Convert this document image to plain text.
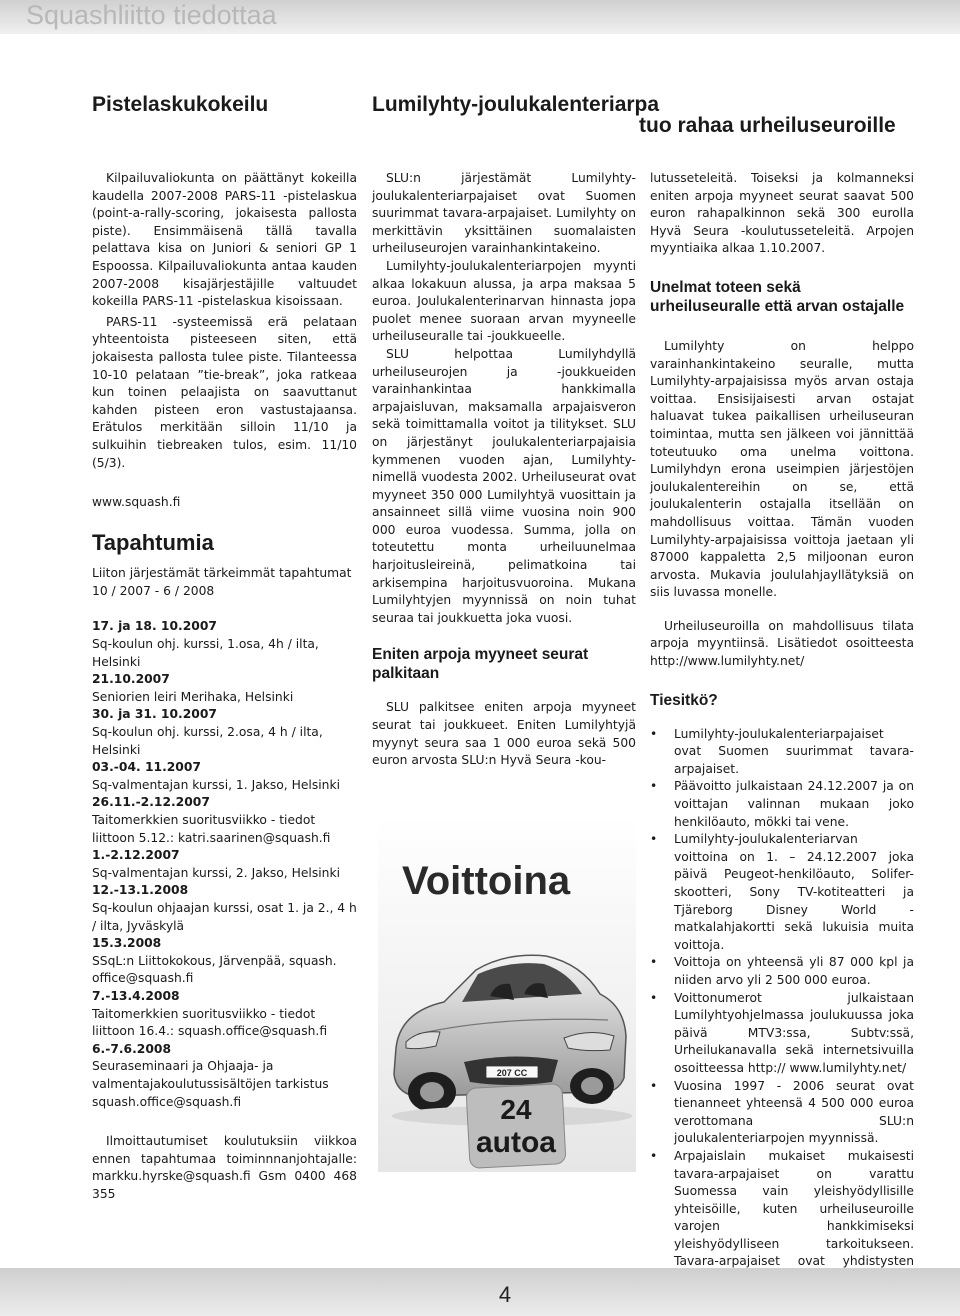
Squashliitto tiedottaa
Pistelaskukokeilu	Lumilyhty-joulukalenteriarpa
tuo rahaa urheiluseuroille

Kilpailuvaliokunta on päättänyt kokeilla kaudella 2007-2008 PARS-11 -pistelaskua (point-a-rally-scoring, jokaisesta pallosta piste). Ensimmäisenä tällä tavalla pelattava kisa on Juniori & seniori GP 1 Espoossa. Kilpailuvaliokunta antaa kauden 2007-2008 kisajärjestäjille valtuudet kokeilla PARS-11 -pistelaskua kisoissaan.

PARS-11 -systeemissä erä pelataan yhteentoista pisteeseen siten, että jokaisesta pallosta tulee piste. Tilanteessa 10-10 pelataan ”tie-break”, joka ratkeaa kun toinen pelaajista on saavuttanut kahden pisteen eron vastustajaansa. Erätulos merkitään silloin 11/10 ja sulkuihin tiebreaken tulos, esim. 11/10 (5/3).

www.squash.fi

Tapahtumia

Liiton järjestämät tärkeimmät tapahtumat 10 / 2007 - 6 / 2008

17. ja 18. 10.2007

Sq-koulun ohj. kurssi, 1.osa, 4h / ilta, Helsinki

21.10.2007

Seniorien leiri Merihaka, Helsinki

30. ja 31. 10.2007

Sq-koulun ohj. kurssi, 2.osa, 4 h / ilta, Helsinki

03.-04. 11.2007

Sq-valmentajan kurssi, 1. Jakso, Helsinki

26.11.-2.12.2007

Taitomerkkien suoritusviikko - tiedot liittoon 5.12.: katri.saarinen@squash.fi

1.-2.12.2007

Sq-valmentajan kurssi, 2. Jakso, Helsinki

12.-13.1.2008

Sq-koulun ohjaajan kurssi, osat 1. ja 2., 4 h / ilta, Jyväskylä

15.3.2008

SSqL:n Liittokokous, Järvenpää, squash. office@squash.fi

7.-13.4.2008

Taitomerkkien suoritusviikko - tiedot liittoon 16.4.: squash.office@squash.fi

6.-7.6.2008

Seuraseminaari ja Ohjaaja- ja valmentajakoulutussisältöjen tarkistus squash.office@squash.fi

Ilmoittautumiset koulutuksiin viikkoa ennen tapahtumaa toiminnnanjohtajalle: markku.hyrske@squash.fi Gsm 0400 468 355

SLU:n järjestämät Lumilyhty-joulukalenteriarpajaiset ovat Suomen suurimmat tavara-arpajaiset. Lumilyhty on merkittävin yksittäinen suomalaisten urheiluseurojen varainhankintakeino.

Lumilyhty-joulukalenteriarpojen myynti alkaa lokakuun alussa, ja arpa maksaa 5 euroa. Joulukalenterinarvan hinnasta jopa puolet menee suoraan arvan myyneelle urheiluseuralle tai -joukkueelle.

SLU helpottaa Lumilyhdyllä urheiluseurojen ja -joukkueiden varainhankintaa hankkimalla arpajaisluvan, maksamalla arpajaisveron sekä toimittamalla voitot ja tilitykset. SLU on järjestänyt joulukalenteriarpajaisia kymmenen vuoden ajan, Lumilyhty-nimellä vuodesta 2002. Urheiluseurat ovat myyneet 350 000 Lumilyhtyä vuosittain ja ansainneet sillä viime vuosina noin 900 000 euroa vuodessa. Summa, jolla on toteutettu monta urheiluunelmaa harjoitusleireinä, pelimatkoina tai arkisempina harjoitusvuoroina. Mukana Lumilyhtyjen myynnissä on noin tuhat seuraa tai joukkuetta joka vuosi.

Eniten arpoja myyneet seurat palkitaan

SLU palkitsee eniten arpoja myyneet seurat tai joukkueet. Eniten Lumilyhtyjä myynyt seura saa 1 000 euroa sekä 500 euron arvosta SLU:n Hyvä Seura -kou-

207 CC
Voittoina
24
autoa

lutusseteleitä. Toiseksi ja kolmanneksi eniten arpoja myyneet seurat saavat 500 euron rahapalkinnon sekä 300 eurolla Hyvä Seura -koulutusseteleitä. Arpojen myyntiaika alkaa 1.10.2007.

Unelmat toteen sekä urheiluseuralle että arvan ostajalle

Lumilyhty on helppo varainhankintakeino seuralle, mutta Lumilyhty-arpajaisissa myös arvan ostaja voittaa. Ensisijaisesti arvan ostajat haluavat tukea paikallisen urheiluseuran toimintaa, mutta sen jälkeen voi jännittää toteutuuko oma unelma voittona. Lumilyhdyn erona useimpien järjestöjen joulukalentereihin on se, että joulukalenterin ostajalla itsellään on mahdollisuus voittaa. Tämän vuoden Lumilyhty-arpajaisissa voittoja jaetaan yli 87000 kappaletta 2,5 miljoonan euron arvosta. Mukavia joululahjayllätyksiä on siis luvassa monelle.

Urheiluseuroilla on mahdollisuus tilata arpoja myyntiinsä. Lisätiedot osoitteesta http://www.lumilyhty.net/

Tiesitkö?

•	Lumilyhty-joulukalenteriarpajaiset ovat Suomen suurimmat tavara-arpajaiset.

•	Päävoitto julkaistaan 24.12.2007 ja on voittajan valinnan mukaan joko henkilöauto, mökki tai vene.

•	Lumilyhty-joulukalenteriarvan voittoina on 1. – 24.12.2007 joka päivä Peugeot-henkilöauto, Solifer-skootteri, Sony TV-kotiteatteri ja Tjäreborg Disney World -matkalahjakortti sekä lukuisia muita voittoja.

•	Voittoja on yhteensä yli 87 000 kpl ja niiden arvo yli 2 500 000 euroa.

•	Voittonumerot julkaistaan Lumilyhtyohjelmassa joulukuussa joka päivä MTV3:ssa, Subtv:ssä, Urheilukanavalla sekä internetsivuilla osoitteessa http:// www.lumilyhty.net/

•	Vuosina 1997 - 2006 seurat ovat tienanneet yhteensä 4 500 000 euroa verottomana SLU:n joulukalenteriarpojen myynnissä.

•	Arpajaislain mukaiset mukaisesti tavara-arpajaiset on varattu Suomessa vain yleishyödyllisille yhteisöille, kuten urheiluseuroille varojen hankkimiseksi yleishyödylliseen tarkoitukseen. Tavara-arpajaiset ovat yhdistysten

4
